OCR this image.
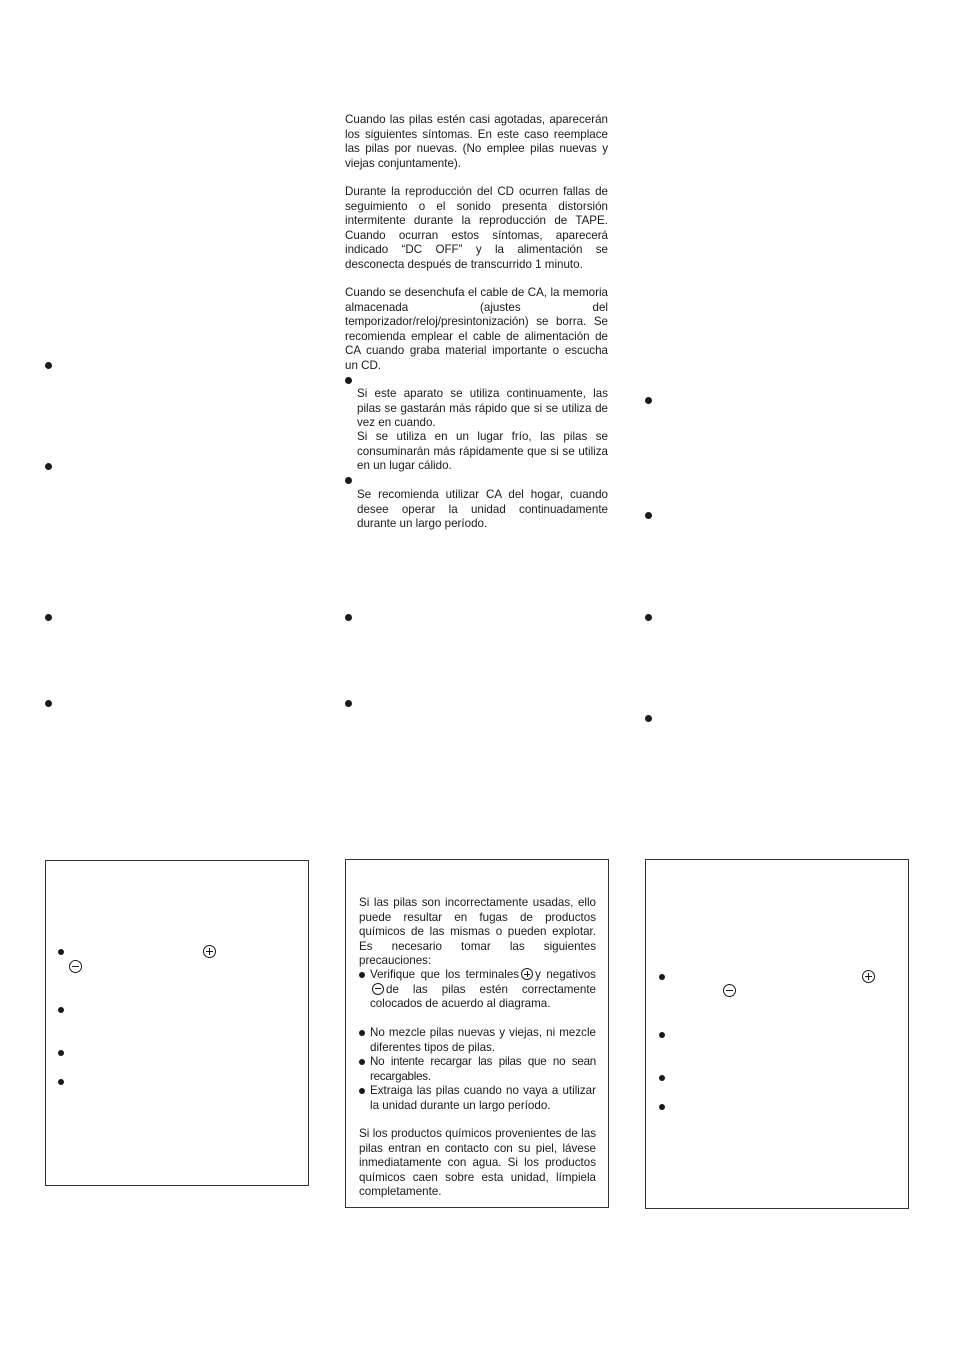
Cuando las pilas estén casi agotadas, aparecerán los siguientes síntomas. En este caso reemplace las pilas por nuevas. (No emplee pilas nuevas y viejas conjuntamente).
Durante la reproducción del CD ocurren fallas de seguimiento o el sonido presenta distorsión intermitente durante la reproducción de TAPE. Cuando ocurran estos síntomas, aparecerá indicado “DC OFF” y la alimentación se desconecta después de transcurrido 1 minuto.
Cuando se desenchufa el cable de CA, la memoria almacenada (ajustes del temporizador/reloj/presintonización) se borra. Se recomienda emplear el cable de alimentación de CA cuando graba material importante o escucha un CD.
Si este aparato se utiliza continuamente, las pilas se gastarán más rápido que si se utiliza de vez en cuando.
Si se utiliza en un lugar frío, las pilas se consuminarán más rápidamente que si se utiliza en un lugar cálido.
Se recomienda utilizar CA del hogar, cuando desee operar la unidad continuadamente durante un largo período.
Si las pilas son incorrectamente usadas, ello puede resultar en fugas de productos químicos de las mismas o pueden explotar. Es necesario tomar las siguientes precauciones:
Verifique que los terminales y negativosde las pilas estén correctamente colocados de acuerdo al diagrama.
No mezcle pilas nuevas y viejas, ni mezcle diferentes tipos de pilas.
No intente recargar las pilas que no sean recargables.
Extraiga las pilas cuando no vaya a utilizar la unidad durante un largo período.
Si los productos químicos provenientes de las pilas entran en contacto con su piel, lávese inmediatamente con agua. Si los productos químicos caen sobre esta unidad, límpiela completamente.
